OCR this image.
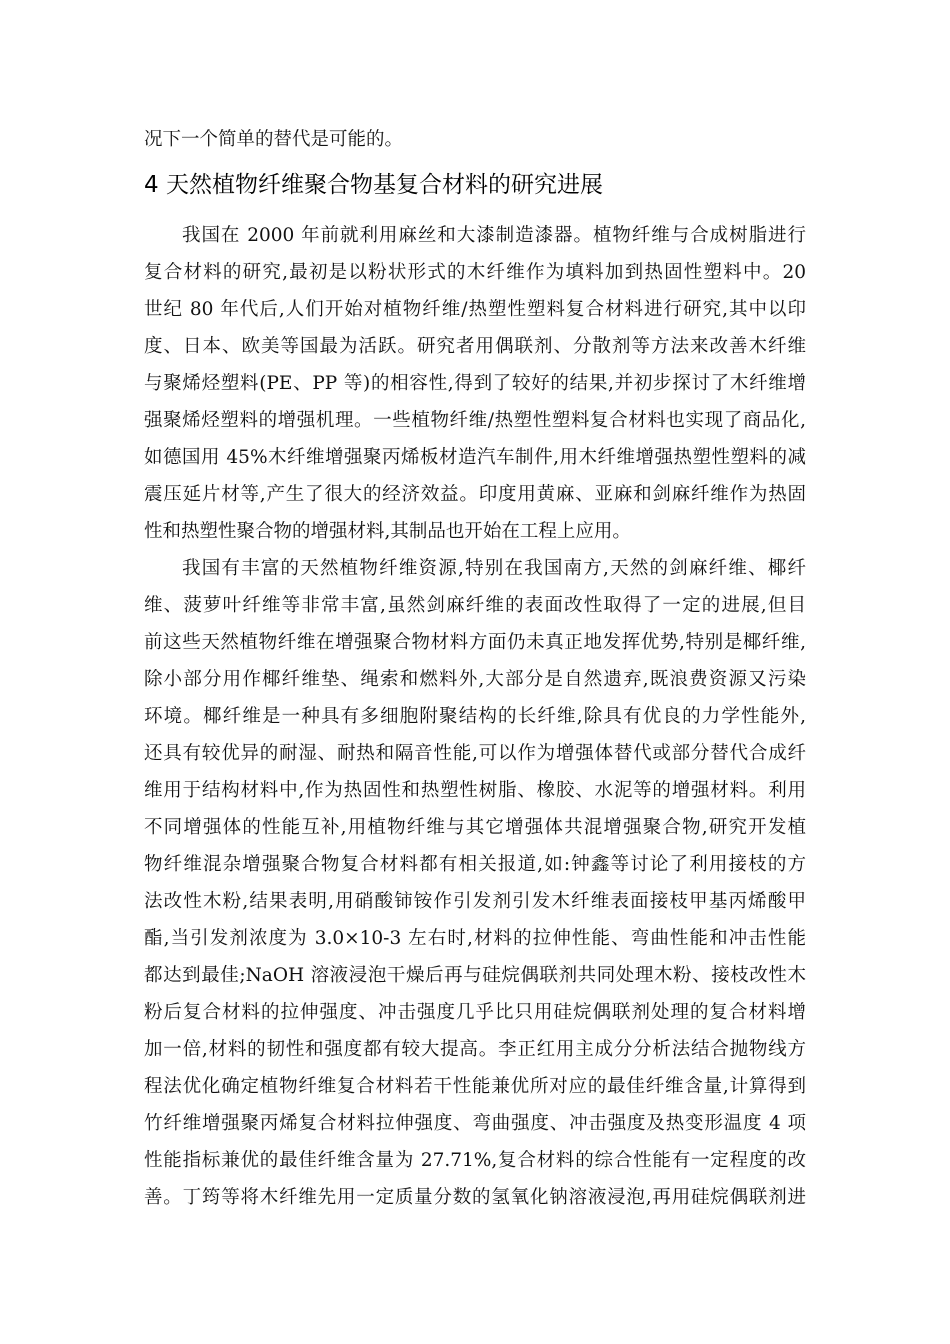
况下一个简单的替代是可能的。
4 天然植物纤维聚合物基复合材料的研究进展
我国在 2000 年前就利用麻丝和大漆制造漆器。植物纤维与合成树脂进行
复合材料的研究,最初是以粉状形式的木纤维作为填料加到热固性塑料中。20
世纪 80 年代后,人们开始对植物纤维/热塑性塑料复合材料进行研究,其中以印
度、日本、欧美等国最为活跃。研究者用偶联剂、分散剂等方法来改善木纤维
与聚烯烃塑料(PE、PP 等)的相容性,得到了较好的结果,并初步探讨了木纤维增
强聚烯烃塑料的增强机理。一些植物纤维/热塑性塑料复合材料也实现了商品化,
如德国用 45%木纤维增强聚丙烯板材造汽车制件,用木纤维增强热塑性塑料的减
震压延片材等,产生了很大的经济效益。印度用黄麻、亚麻和剑麻纤维作为热固
性和热塑性聚合物的增强材料,其制品也开始在工程上应用。
我国有丰富的天然植物纤维资源,特别在我国南方,天然的剑麻纤维、椰纤
维、菠萝叶纤维等非常丰富,虽然剑麻纤维的表面改性取得了一定的进展,但目
前这些天然植物纤维在增强聚合物材料方面仍未真正地发挥优势,特别是椰纤维,
除小部分用作椰纤维垫、绳索和燃料外,大部分是自然遗弃,既浪费资源又污染
环境。椰纤维是一种具有多细胞附聚结构的长纤维,除具有优良的力学性能外,
还具有较优异的耐湿、耐热和隔音性能,可以作为增强体替代或部分替代合成纤
维用于结构材料中,作为热固性和热塑性树脂、橡胶、水泥等的增强材料。利用
不同增强体的性能互补,用植物纤维与其它增强体共混增强聚合物,研究开发植
物纤维混杂增强聚合物复合材料都有相关报道,如:钟鑫等讨论了利用接枝的方
法改性木粉,结果表明,用硝酸铈铵作引发剂引发木纤维表面接枝甲基丙烯酸甲
酯,当引发剂浓度为 3.0×10-3 左右时,材料的拉伸性能、弯曲性能和冲击性能
都达到最佳;NaOH 溶液浸泡干燥后再与硅烷偶联剂共同处理木粉、接枝改性木
粉后复合材料的拉伸强度、冲击强度几乎比只用硅烷偶联剂处理的复合材料增
加一倍,材料的韧性和强度都有较大提高。李正红用主成分分析法结合抛物线方
程法优化确定植物纤维复合材料若干性能兼优所对应的最佳纤维含量,计算得到
竹纤维增强聚丙烯复合材料拉伸强度、弯曲强度、冲击强度及热变形温度 4 项
性能指标兼优的最佳纤维含量为 27.71%,复合材料的综合性能有一定程度的改
善。丁筠等将木纤维先用一定质量分数的氢氧化钠溶液浸泡,再用硅烷偶联剂进
